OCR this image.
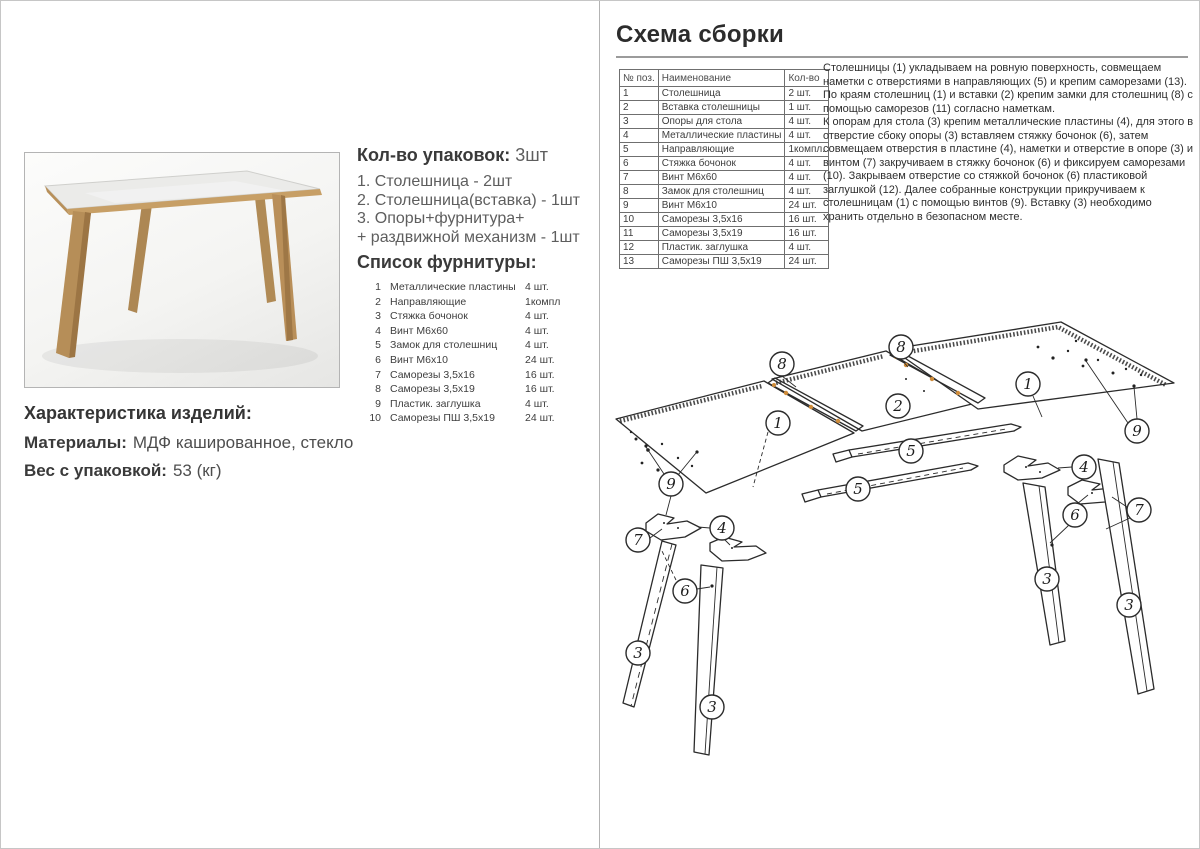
Кол-во упаковок: 3шт
1. Столешница - 2шт
2. Столешница(вставка) - 1шт
3. Опоры+фурнитура+
+ раздвижной механизм - 1шт
Список фурнитуры:
1 Металлические пластины 4 шт.
2 Направляющие	1компл
3 Стяжка бочонок	4 шт.
4 Винт М6х60	4 шт.
5 Замок для столешниц	4 шт.
6 Винт М6х10	24 шт.
7 Саморезы 3,5х16	16 шт.
8 Саморезы 3,5х19	16 шт.
9 Пластик. заглушка	4 шт.
10 Саморезы ПШ 3,5х19	24 шт.
Характеристика изделий:
Материалы: МДФ кашированное, стекло
Вес с упаковкой: 53 (кг)
Схема сборки
№ поз.	Наименование	Кол-во
1	Столешница	2 шт.
2	Вставка столешницы	1 шт.
3	Опоры для стола	4 шт.
4	Металлические пластины	4 шт.
5	Направляющие	1компл.
6	Стяжка бочонок	4 шт.
7	Винт М6х60	4 шт.
8	Замок для столешниц	4 шт.
9	Винт М6х10	24 шт.
10	Саморезы 3,5х16	16 шт.
11	Саморезы 3,5х19	16 шт.
12	Пластик. заглушка	4 шт.
13	Саморезы ПШ 3,5х19	24 шт.

Столешницы (1) укладываем на ровную поверхность, совмещаем наметки с отверстиями в направляющих (5) и крепим саморезами (13). По краям столешниц (1) и вставки (2) крепим замки для столешниц (8) с помощью саморезов (11) согласно наметкам.

К опорам для стола (3) крепим металлические пластины (4), для этого в отверстие сбоку опоры (3) вставляем стяжку бочонок (6), затем совмещаем отверстия в пластине (4), наметки и отверстие в опоре (3) и винтом (7) закручиваем в стяжку бочонок (6) и фиксируем саморезами (10). Закрываем отверстие со стяжкой бочонок (6) пластиковой заглушкой (12). Далее собранные конструкции прикручиваем к столешницам (1) с помощью винтов (9). Вставку (3) необходимо хранить отдельно в безопасном месте.

8
8
1
2
1
9
9
5
5
4
4
7
7
6
6
3
3
3
3
